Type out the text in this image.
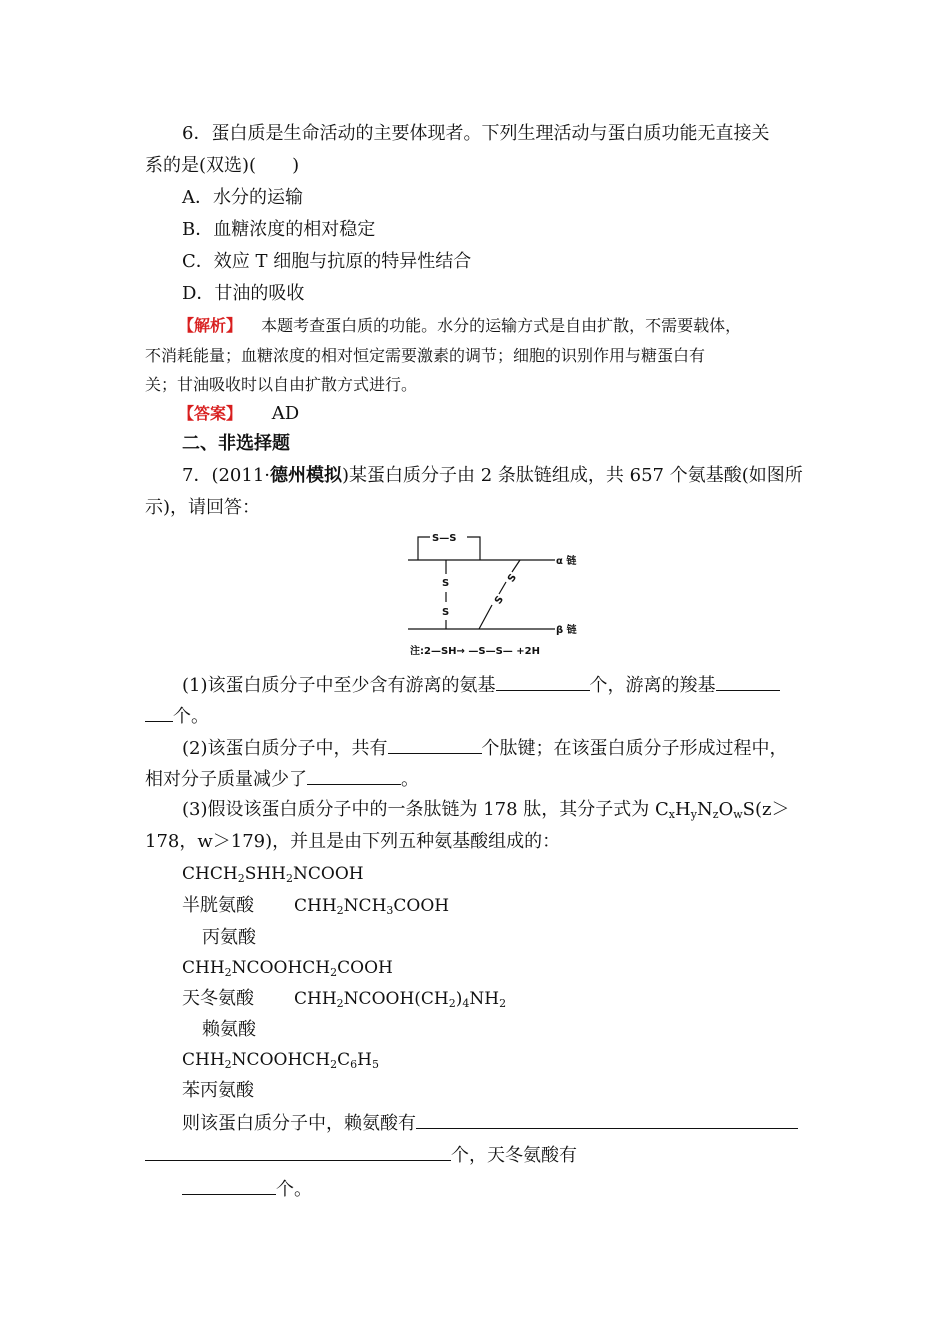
6．蛋白质是生命活动的主要体现者。下列生理活动与蛋白质功能无直接关
系的是(双选)(　　)
A．水分的运输
B．血糖浓度的相对稳定
C．效应 T 细胞与抗原的特异性结合
D．甘油的吸收
【解析】 本题考查蛋白质的功能。水分的运输方式是自由扩散，不需要载体，
不消耗能量；血糖浓度的相对恒定需要激素的调节；细胞的识别作用与糖蛋白有
关；甘油吸收时以自由扩散方式进行。
【答案】 AD
二、非选择题
7．(2011·德州模拟)某蛋白质分子由 2 条肽链组成，共 657 个氨基酸(如图所
示)，请回答：
S—S
S
S
S
S
α 链
β 链
注:2—SH→ —S—S— +2H
(1)该蛋白质分子中至少含有游离的氨基	个，游离的羧基
个。
(2)该蛋白质分子中，共有	个肽键；在该蛋白质分子形成过程中，
相对分子质量减少了	。
(3)假设该蛋白质分子中的一条肽链为 178 肽，其分子式为 $C_xH_yN_zO_wS(z>$
178，w＞179)，并且是由下列五种氨基酸组成的：
$CHCH_2SHH_2NCOOH$
半胱氨酸 $CHH_2NCH_3COOH$
丙氨酸
$CHH_2NCOOHCH_2COOH$
天冬氨酸 $CHH_2NCOOH(CH_2)_4NH_2$
赖氨酸
$CHH_2NCOOHCH_2C_6H_5$
苯丙氨酸
则该蛋白质分子中，赖氨酸有
个，天冬氨酸有
个。
